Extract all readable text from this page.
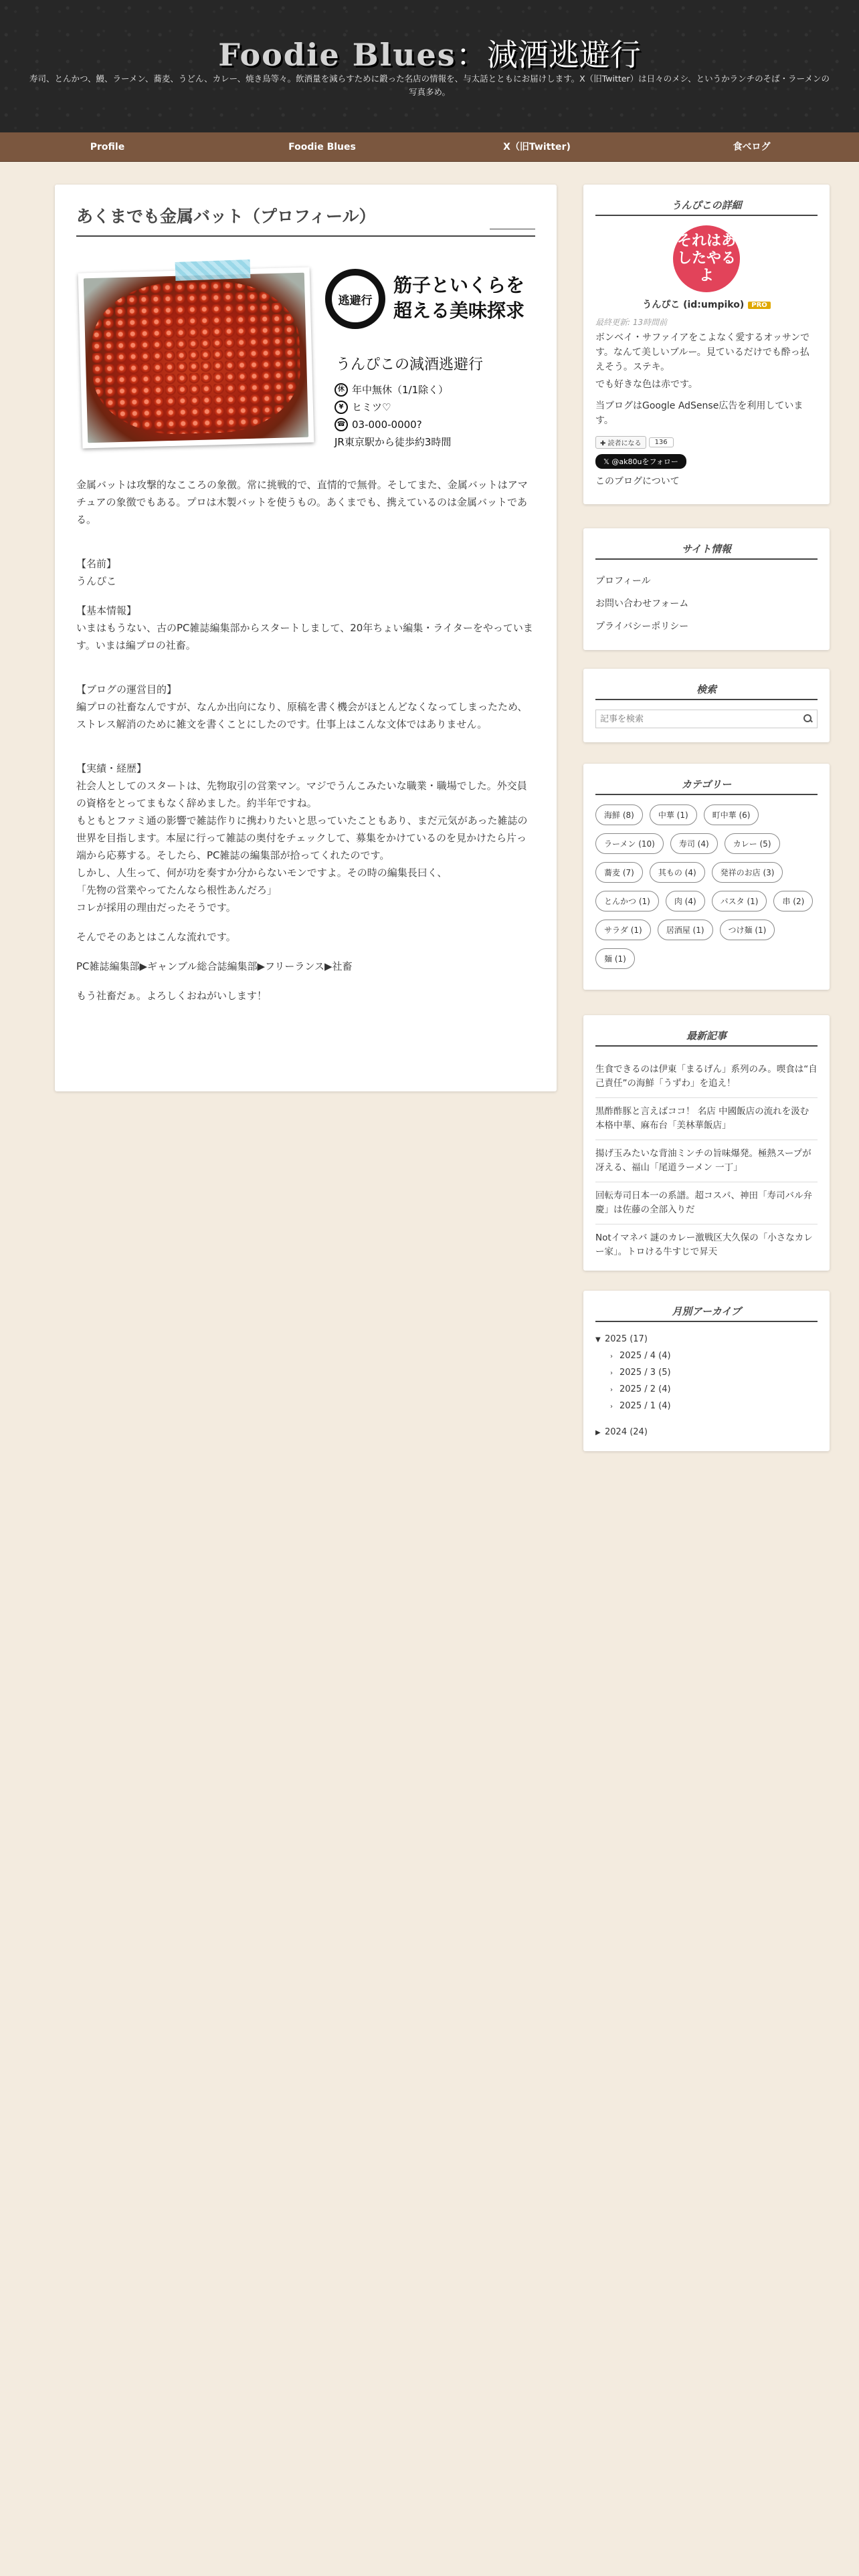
Foodie Blues：減酒逃避行
寿司、とんかつ、鰻、ラーメン、蕎麦、うどん、カレー、焼き鳥等々。飲酒量を減らすために鍛った名店の情報を、与太話とともにお届けします。X（旧Twitter）は日々のメシ、というかランチのそば・ラーメンの写真多め。
Profile	Foodie Blues	X（旧Twitter)	食べログ
あくまでも金属バット（プロフィール）
逃避行
筋子といくらを
超える美味探求
うんぴこの減酒逃避行
休 年中無休（1/1除く）
¥ ヒミツ♡
☎ 03-000-0000?
JR東京駅から徒歩約3時間

金属バットは攻撃的なこころの象徴。常に挑戦的で、直情的で無骨。そしてまた、金属バットはアマチュアの象徴でもある。プロは木製バットを使うもの。あくまでも、携えているのは金属バットである。

【名前】

うんぴこ

【基本情報】

いまはもうない、古のPC雑誌編集部からスタートしまして、20年ちょい編集・ライターをやっています。いまは編プロの社畜。

【ブログの運営目的】

編プロの社畜なんですが、なんか出向になり、原稿を書く機会がほとんどなくなってしまったため、ストレス解消のために雑文を書くことにしたのです。仕事上はこんな文体ではありません。

【実績・経歴】
社会人としてのスタートは、先物取引の営業マン。マジでうんこみたいな職業・職場でした。外交員の資格をとってまもなく辞めました。約半年ですね。
もともとファミ通の影響で雑誌作りに携わりたいと思っていたこともあり、まだ元気があった雑誌の世界を目指します。本屋に行って雑誌の奥付をチェックして、募集をかけているのを見かけたら片っ端から応募する。そしたら、PC雑誌の編集部が拾ってくれたのです。
しかし、人生って、何が功を奏すか分からないモンですよ。その時の編集長曰く、
「先物の営業やってたんなら根性あんだろ」

コレが採用の理由だったそうです。

そんでそのあとはこんな流れです。

PC雑誌編集部▶ギャンブル総合誌編集部▶フリーランス▶社畜

もう社畜だぁ。よろしくおねがいします！

うんぴこの詳細
それはあしたやるよ
うんぴこ (id:umpiko) PRO
最終更新: 13時間前
ボンベイ・サファイアをこよなく愛するオッサンです。なんて美しいブルー。見ているだけでも酔っ払えそう。ステキ。
でも好きな色は赤です。
当ブログはGoogle AdSense広告を利用しています。
✚ 読者になる	136
𝕏 @ak80uをフォロー
このブログについて
サイト情報
プロフィール
お問い合わせフォーム
プライバシーポリシー
検索
記事を検索
カテゴリー
海鮮 (8)	中華 (1)	町中華 (6)
ラーメン (10)	寿司 (4)	カレー (5)
蕎麦 (7)	其もの (4)	発祥のお店 (3)
とんかつ (1)	肉 (4)	パスタ (1)	串 (2)
サラダ (1)	居酒屋 (1)	つけ麺 (1)
麺 (1)
最新記事
生食できるのは伊東「まるげん」系列のみ。喫食は“自己責任”の海鮮「うずわ」を追え！
黒酢酢豚と言えばココ！ 名店 中國飯店の流れを汲む本格中華、麻布台「美林華飯店」
揚げ玉みたいな背油ミンチの旨味爆発。極熱スープが冴える、福山「尾道ラーメン 一丁」
回転寿司日本一の系譜。超コスパ、神田「寿司バル弁慶」は佐藤の全部入りだ
Notイマネバ 謎のカレー激戦区大久保の「小さなカレー家」。トロける牛すじで昇天
月別アーカイブ
▼ 2025 (17)
› 2025 / 4 (4)
› 2025 / 3 (5)
› 2025 / 2 (4)
› 2025 / 1 (4)
▶ 2024 (24)
